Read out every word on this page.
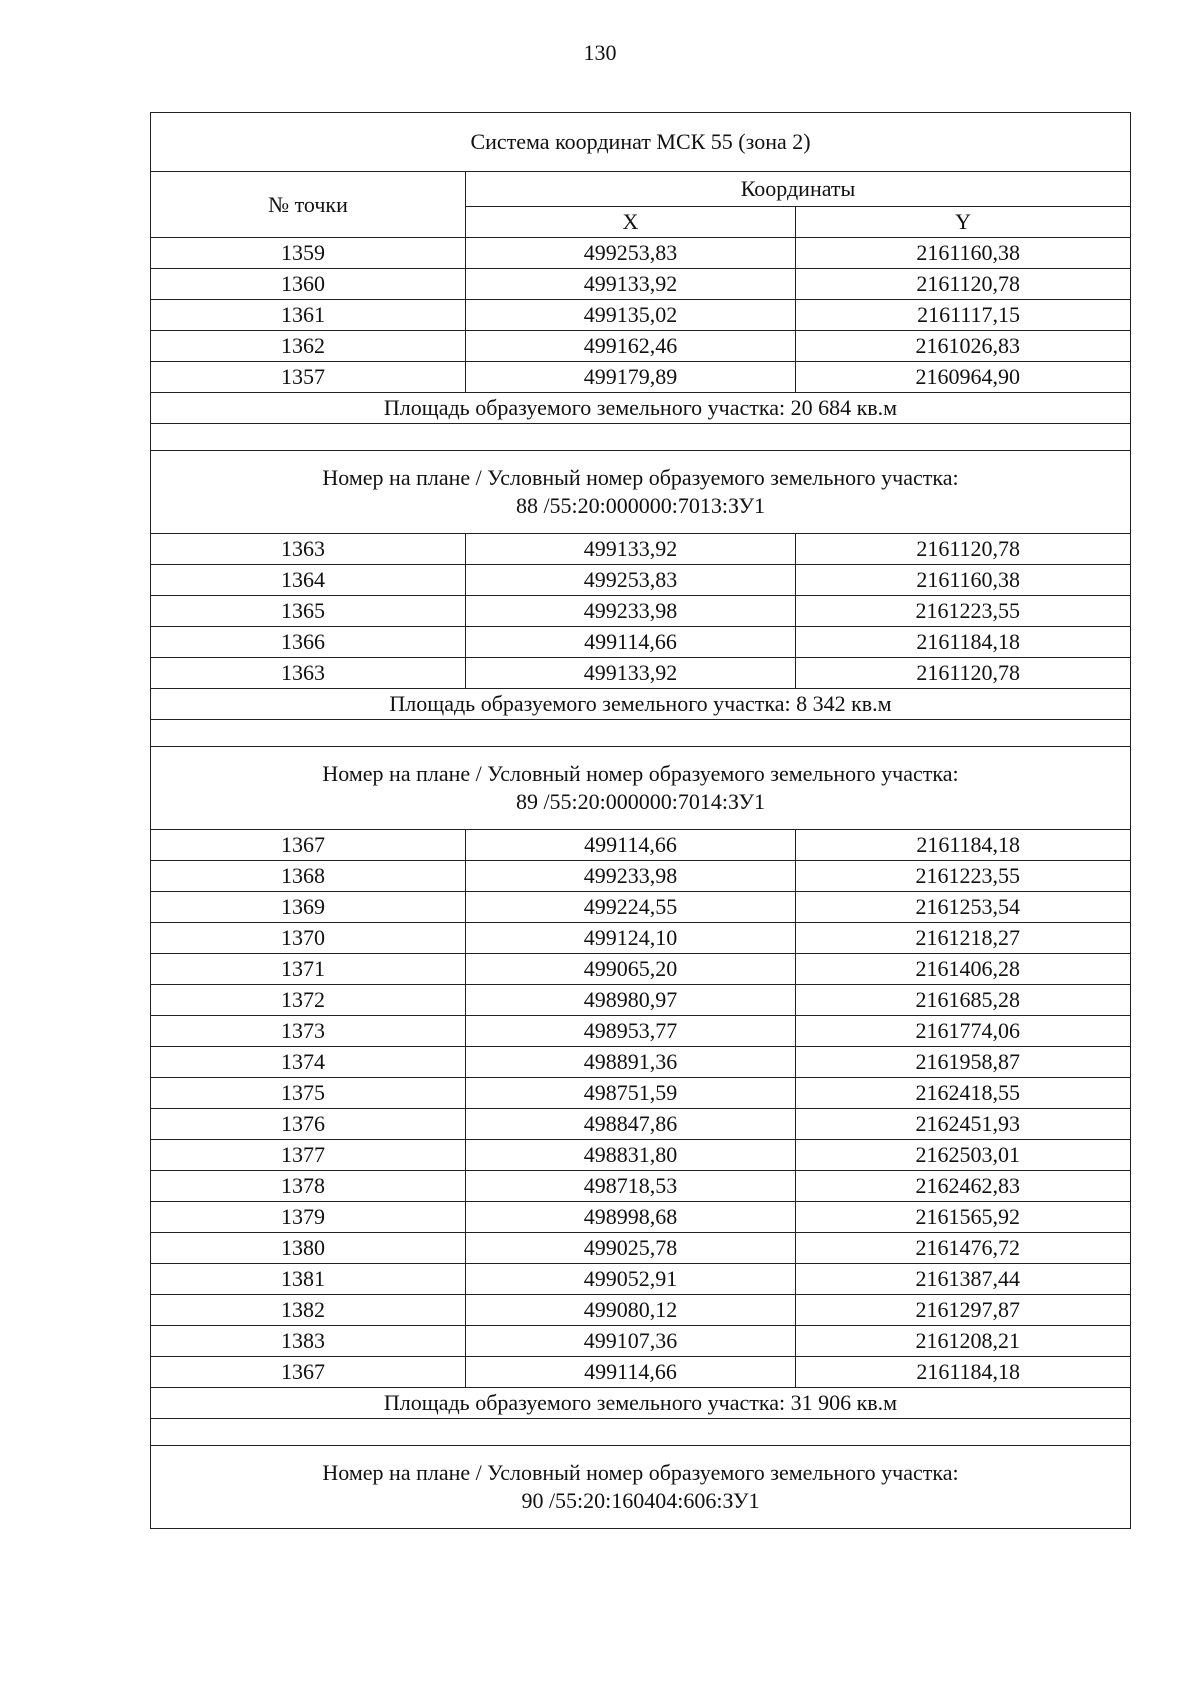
130
Система координат МСК 55 (зона 2)		
№ точки	Координаты	
	X	Y
1359	499253,83	2161160,38
1360	499133,92	2161120,78
1361	499135,02	2161117,15
1362	499162,46	2161026,83
1357	499179,89	2160964,90
Площадь образуемого земельного участка: 20 684 кв.м		

Номер на плане / Условный номер образуемого земельного участка:
88 /55:20:000000:7013:ЗУ1		

1363	499133,92	2161120,78
1364	499253,83	2161160,38
1365	499233,98	2161223,55
1366	499114,66	2161184,18
1363	499133,92	2161120,78
Площадь образуемого земельного участка: 8 342 кв.м		

Номер на плане / Условный номер образуемого земельного участка:
89 /55:20:000000:7014:ЗУ1		

1367	499114,66	2161184,18
1368	499233,98	2161223,55
1369	499224,55	2161253,54
1370	499124,10	2161218,27
1371	499065,20	2161406,28
1372	498980,97	2161685,28
1373	498953,77	2161774,06
1374	498891,36	2161958,87
1375	498751,59	2162418,55
1376	498847,86	2162451,93
1377	498831,80	2162503,01
1378	498718,53	2162462,83
1379	498998,68	2161565,92
1380	499025,78	2161476,72
1381	499052,91	2161387,44
1382	499080,12	2161297,87
1383	499107,36	2161208,21
1367	499114,66	2161184,18
Площадь образуемого земельного участка: 31 906 кв.м		

Номер на плане / Условный номер образуемого земельного участка:
90 /55:20:160404:606:ЗУ1		
